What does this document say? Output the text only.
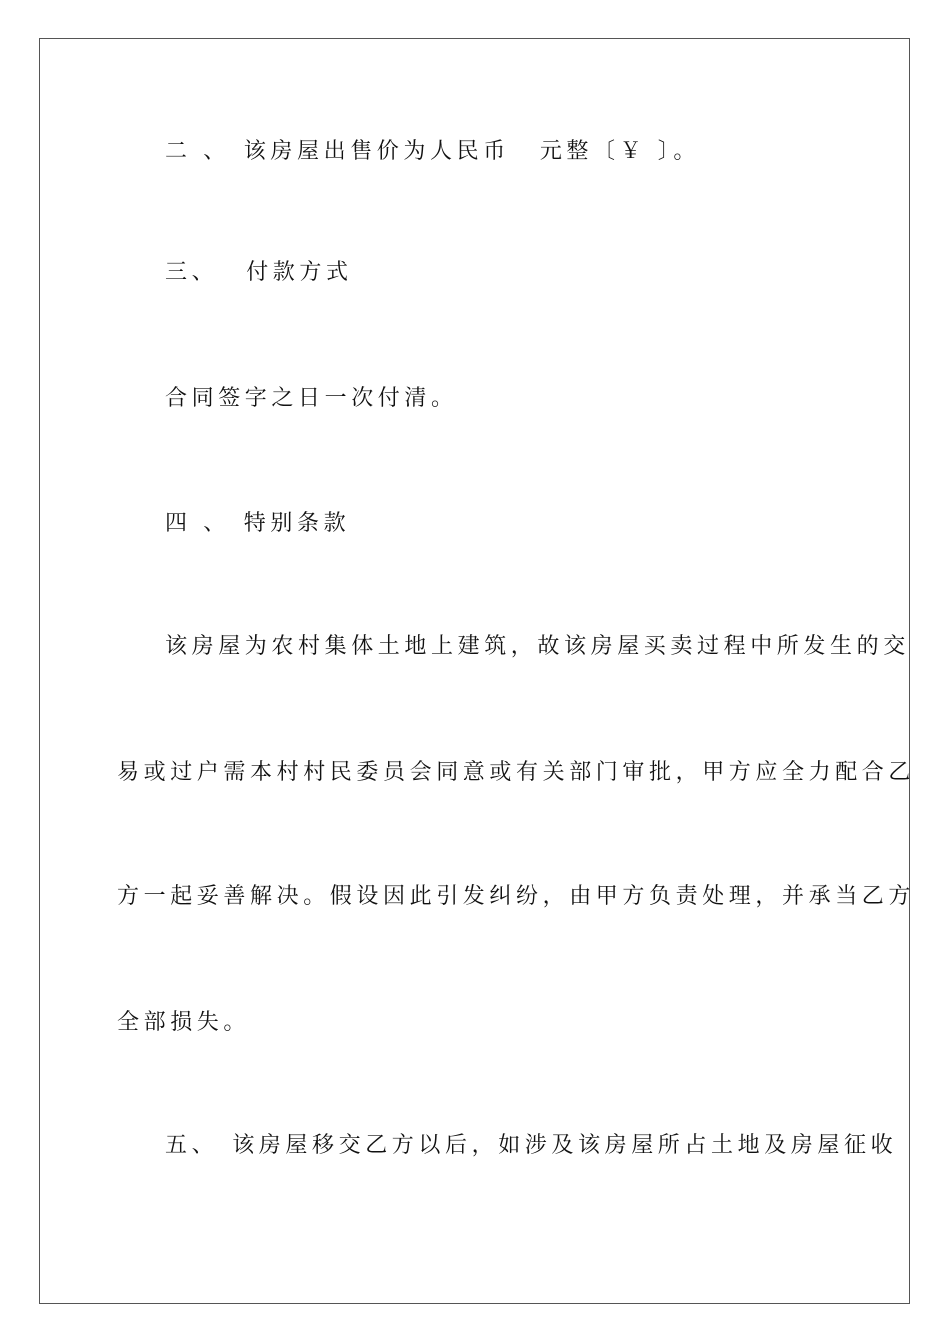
二 、 该房屋出售价为人民币 元整〔￥ 〕。
三、 付款方式
合同签字之日一次付清。
四 、 特别条款
该房屋为农村集体土地上建筑，故该房屋买卖过程中所发生的交
易或过户需本村村民委员会同意或有关部门审批，甲方应全力配合乙
方一起妥善解决。假设因此引发纠纷，由甲方负责处理，并承当乙方
全部损失。
五、 该房屋移交乙方以后，如涉及该房屋所占土地及房屋征收
